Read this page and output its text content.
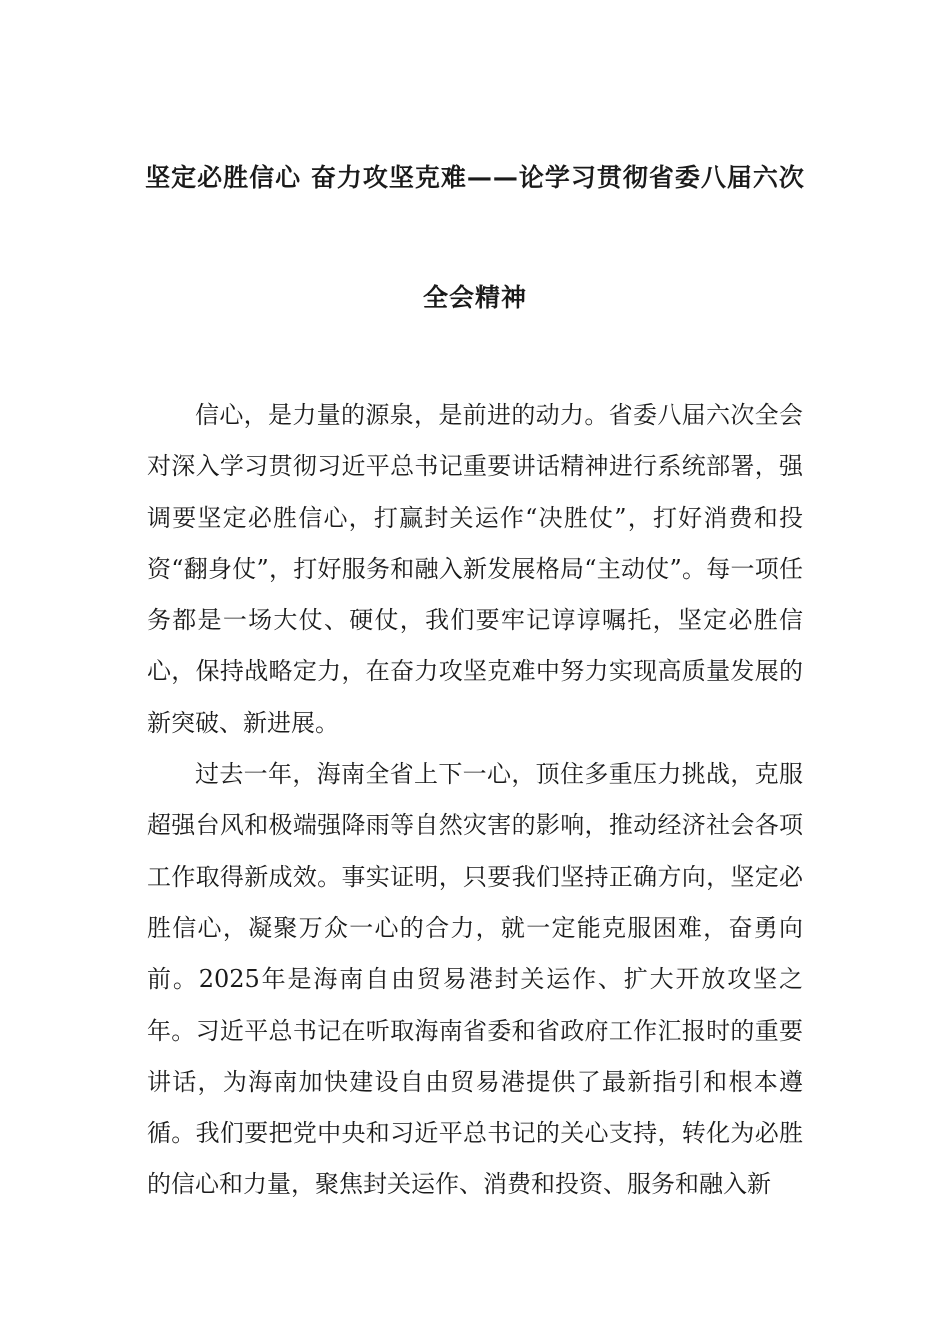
坚定必胜信心 奋力攻坚克难——论学习贯彻省委八届六次
全会精神

信心，是力量的源泉，是前进的动力。省委八届六次全会对深入学习贯彻习近平总书记重要讲话精神进行系统部署，强调要坚定必胜信心，打赢封关运作“决胜仗”，打好消费和投资“翻身仗”，打好服务和融入新发展格局“主动仗”。每一项任务都是一场大仗、硬仗，我们要牢记谆谆嘱托，坚定必胜信心，保持战略定力，在奋力攻坚克难中努力实现高质量发展的新突破、新进展。

过去一年，海南全省上下一心，顶住多重压力挑战，克服超强台风和极端强降雨等自然灾害的影响，推动经济社会各项工作取得新成效。事实证明，只要我们坚持正确方向，坚定必胜信心，凝聚万众一心的合力，就一定能克服困难，奋勇向前。2025年是海南自由贸易港封关运作、扩大开放攻坚之年。习近平总书记在听取海南省委和省政府工作汇报时的重要讲话，为海南加快建设自由贸易港提供了最新指引和根本遵循。我们要把党中央和习近平总书记的关心支持，转化为必胜的信心和力量，聚焦封关运作、消费和投资、服务和融入新
